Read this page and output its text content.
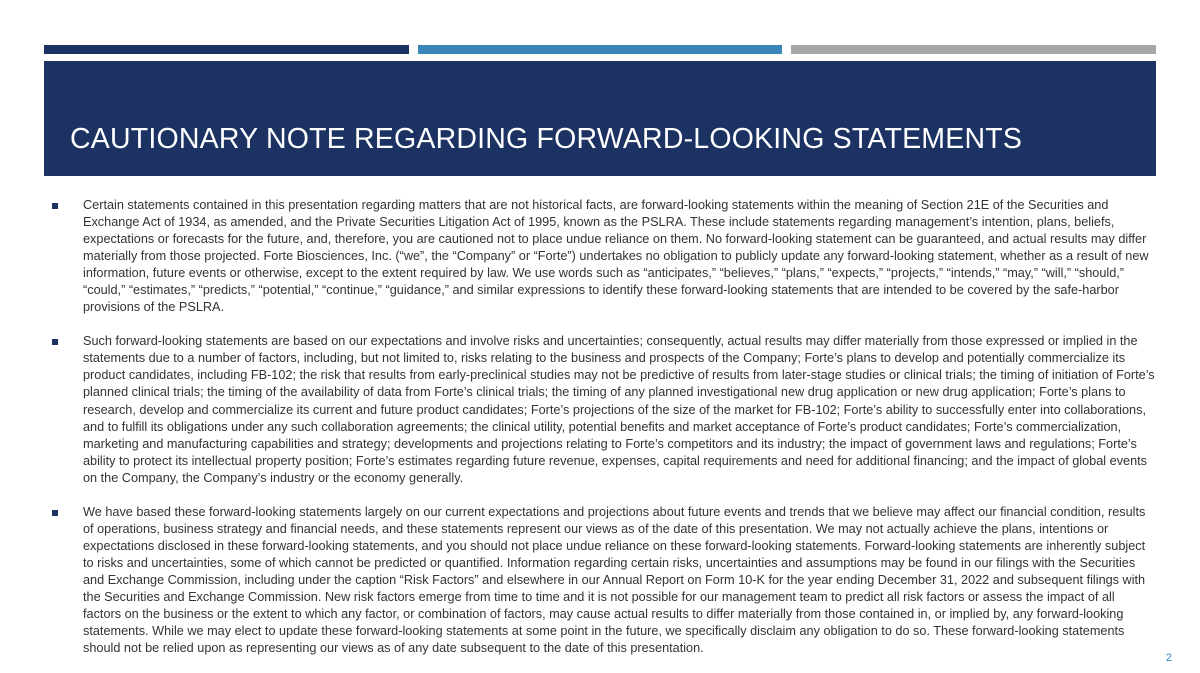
CAUTIONARY NOTE REGARDING FORWARD-LOOKING STATEMENTS
Certain statements contained in this presentation regarding matters that are not historical facts, are forward-looking statements within the meaning of Section 21E of the Securities and Exchange Act of 1934, as amended, and the Private Securities Litigation Act of 1995, known as the PSLRA. These include statements regarding management’s intention, plans, beliefs, expectations or forecasts for the future, and, therefore, you are cautioned not to place undue reliance on them. No forward-looking statement can be guaranteed, and actual results may differ materially from those projected. Forte Biosciences, Inc. (“we”, the “Company” or “Forte”) undertakes no obligation to publicly update any forward-looking statement, whether as a result of new information, future events or otherwise, except to the extent required by law. We use words such as “anticipates,” “believes,” “plans,” “expects,” “projects,” “intends,” “may,” “will,” “should,” “could,” “estimates,” “predicts,” “potential,” “continue,” “guidance,” and similar expressions to identify these forward-looking statements that are intended to be covered by the safe-harbor provisions of the PSLRA.
Such forward-looking statements are based on our expectations and involve risks and uncertainties; consequently, actual results may differ materially from those expressed or implied in the statements due to a number of factors, including, but not limited to, risks relating to the business and prospects of the Company; Forte’s plans to develop and potentially commercialize its product candidates, including FB-102; the risk that results from early-preclinical studies may not be predictive of results from later-stage studies or clinical trials; the timing of initiation of Forte’s planned clinical trials; the timing of the availability of data from Forte’s clinical trials; the timing of any planned investigational new drug application or new drug application; Forte’s plans to research, develop and commercialize its current and future product candidates; Forte’s projections of the size of the market for FB-102; Forte’s ability to successfully enter into collaborations, and to fulfill its obligations under any such collaboration agreements; the clinical utility, potential benefits and market acceptance of Forte’s product candidates; Forte’s commercialization, marketing and manufacturing capabilities and strategy; developments and projections relating to Forte’s competitors and its industry; the impact of government laws and regulations; Forte’s ability to protect its intellectual property position; Forte’s estimates regarding future revenue, expenses, capital requirements and need for additional financing; and the impact of global events on the Company, the Company’s industry or the economy generally.
We have based these forward-looking statements largely on our current expectations and projections about future events and trends that we believe may affect our financial condition, results of operations, business strategy and financial needs, and these statements represent our views as of the date of this presentation. We may not actually achieve the plans, intentions or expectations disclosed in these forward-looking statements, and you should not place undue reliance on these forward-looking statements. Forward-looking statements are inherently subject to risks and uncertainties, some of which cannot be predicted or quantified. Information regarding certain risks, uncertainties and assumptions may be found in our filings with the Securities and Exchange Commission, including under the caption “Risk Factors” and elsewhere in our Annual Report on Form 10-K for the year ending December 31, 2022 and subsequent filings with the Securities and Exchange Commission. New risk factors emerge from time to time and it is not possible for our management team to predict all risk factors or assess the impact of all factors on the business or the extent to which any factor, or combination of factors, may cause actual results to differ materially from those contained in, or implied by, any forward-looking statements. While we may elect to update these forward-looking statements at some point in the future, we specifically disclaim any obligation to do so. These forward-looking statements should not be relied upon as representing our views as of any date subsequent to the date of this presentation.
2
